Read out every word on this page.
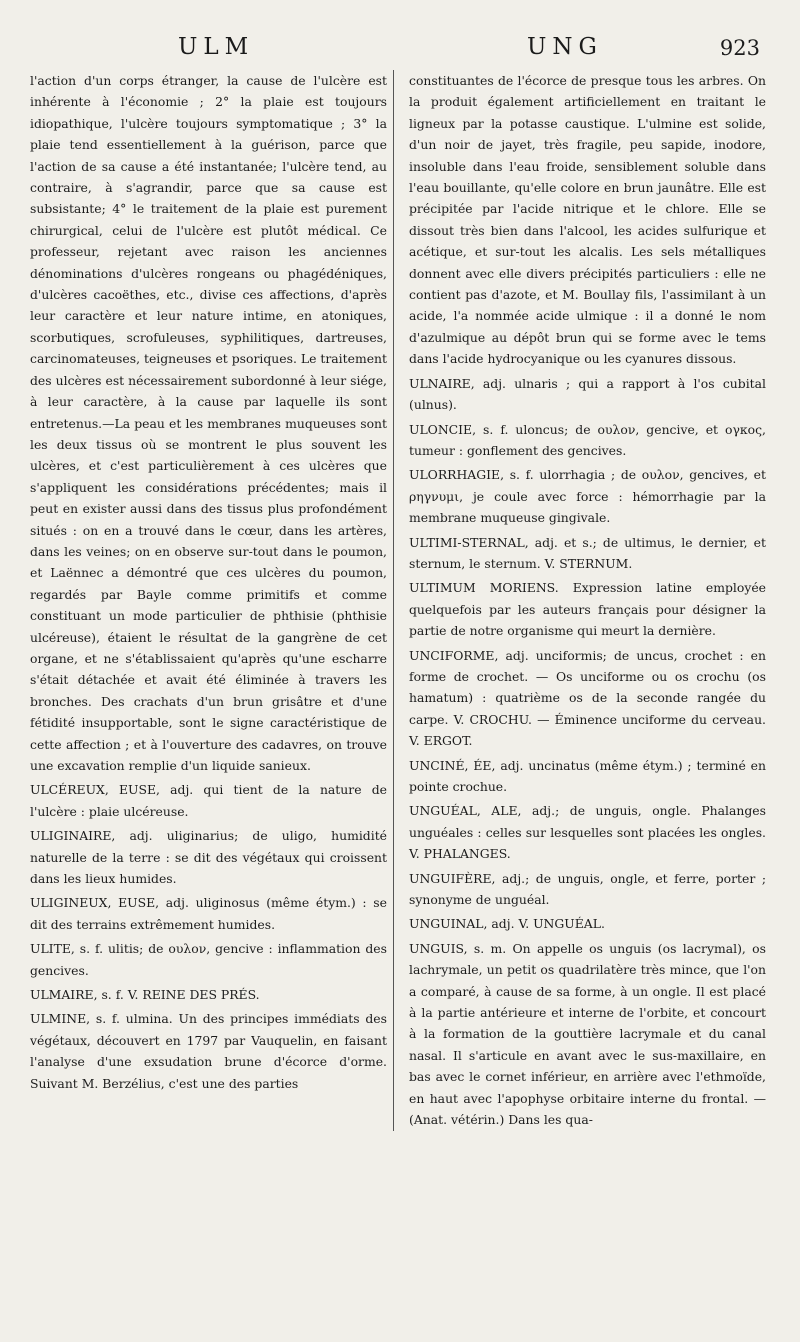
ULM	UNG	923

l'action d'un corps étranger, la cause de l'ulcère est inhérente à l'économie ; 2° la plaie est toujours idiopathique, l'ulcère toujours symptomatique ; 3° la plaie tend essentiellement à la guérison, parce que l'action de sa cause a été instantanée; l'ulcère tend, au contraire, à s'agrandir, parce que sa cause est subsistante; 4° le traitement de la plaie est purement chirurgical, celui de l'ulcère est plutôt médical. Ce professeur, rejetant avec raison les anciennes dénominations d'ulcères rongeans ou phagédéniques, d'ulcères cacoëthes, etc., divise ces affections, d'après leur caractère et leur nature intime, en atoniques, scorbutiques, scrofuleuses, syphilitiques, dartreuses, carcinomateuses, teigneuses et psoriques. Le traitement des ulcères est nécessairement subordonné à leur siége, à leur caractère, à la cause par laquelle ils sont entretenus.—La peau et les membranes muqueuses sont les deux tissus où se montrent le plus souvent les ulcères, et c'est particulièrement à ces ulcères que s'appliquent les considérations précédentes; mais il peut en exister aussi dans des tissus plus profondément situés : on en a trouvé dans le cœur, dans les artères, dans les veines; on en observe sur-tout dans le poumon, et Laënnec a démontré que ces ulcères du poumon, regardés par Bayle comme primitifs et comme constituant un mode particulier de phthisie (phthisie ulcéreuse), étaient le résultat de la gangrène de cet organe, et ne s'établissaient qu'après qu'une escharre s'était détachée et avait été éliminée à travers les bronches. Des crachats d'un brun grisâtre et d'une fétidité insupportable, sont le signe caractéristique de cette affection ; et à l'ouverture des cadavres, on trouve une excavation remplie d'un liquide sanieux.

ULCÉREUX, EUSE, adj. qui tient de la nature de l'ulcère : plaie ulcéreuse.

ULIGINAIRE, adj. uliginarius; de uligo, humidité naturelle de la terre : se dit des végétaux qui croissent dans les lieux humides.

ULIGINEUX, EUSE, adj. uliginosus (même étym.) : se dit des terrains extrêmement humides.

ULITE, s. f. ulitis; de ουλον, gencive : inflammation des gencives.

ULMAIRE, s. f. V. REINE DES PRÉS.

ULMINE, s. f. ulmina. Un des principes immédiats des végétaux, découvert en 1797 par Vauquelin, en faisant l'analyse d'une exsudation brune d'écorce d'orme. Suivant M. Berzélius, c'est une des parties

constituantes de l'écorce de presque tous les arbres. On la produit également artificiellement en traitant le ligneux par la potasse caustique. L'ulmine est solide, d'un noir de jayet, très fragile, peu sapide, inodore, insoluble dans l'eau froide, sensiblement soluble dans l'eau bouillante, qu'elle colore en brun jaunâtre. Elle est précipitée par l'acide nitrique et le chlore. Elle se dissout très bien dans l'alcool, les acides sulfurique et acétique, et sur-tout les alcalis. Les sels métalliques donnent avec elle divers précipités particuliers : elle ne contient pas d'azote, et M. Boullay fils, l'assimilant à un acide, l'a nommée acide ulmique : il a donné le nom d'azulmique au dépôt brun qui se forme avec le tems dans l'acide hydrocyanique ou les cyanures dissous.

ULNAIRE, adj. ulnaris ; qui a rapport à l'os cubital (ulnus).

ULONCIE, s. f. uloncus; de ουλον, gencive, et ογκος, tumeur : gonflement des gencives.

ULORRHAGIE, s. f. ulorrhagia ; de ουλον, gencives, et ρηγνυμι, je coule avec force : hémorrhagie par la membrane muqueuse gingivale.

ULTIMI-STERNAL, adj. et s.; de ultimus, le dernier, et sternum, le sternum. V. STERNUM.

ULTIMUM MORIENS. Expression latine employée quelquefois par les auteurs français pour désigner la partie de notre organisme qui meurt la dernière.

UNCIFORME, adj. unciformis; de uncus, crochet : en forme de crochet. — Os unciforme ou os crochu (os hamatum) : quatrième os de la seconde rangée du carpe. V. CROCHU. — Éminence unciforme du cerveau. V. ERGOT.

UNCINÉ, ÉE, adj. uncinatus (même étym.) ; terminé en pointe crochue.

UNGUÉAL, ALE, adj.; de unguis, ongle. Phalanges unguéales : celles sur lesquelles sont placées les ongles. V. PHALANGES.

UNGUIFÈRE, adj.; de unguis, ongle, et ferre, porter ; synonyme de unguéal.

UNGUINAL, adj. V. UNGUÉAL.

UNGUIS, s. m. On appelle os unguis (os lacrymal), os lachrymale, un petit os quadrilatère très mince, que l'on a comparé, à cause de sa forme, à un ongle. Il est placé à la partie antérieure et interne de l'orbite, et concourt à la formation de la gouttière lacrymale et du canal nasal. Il s'articule en avant avec le sus-maxillaire, en bas avec le cornet inférieur, en arrière avec l'ethmoïde, en haut avec l'apophyse orbitaire interne du frontal. — (Anat. vétérin.) Dans les qua-
